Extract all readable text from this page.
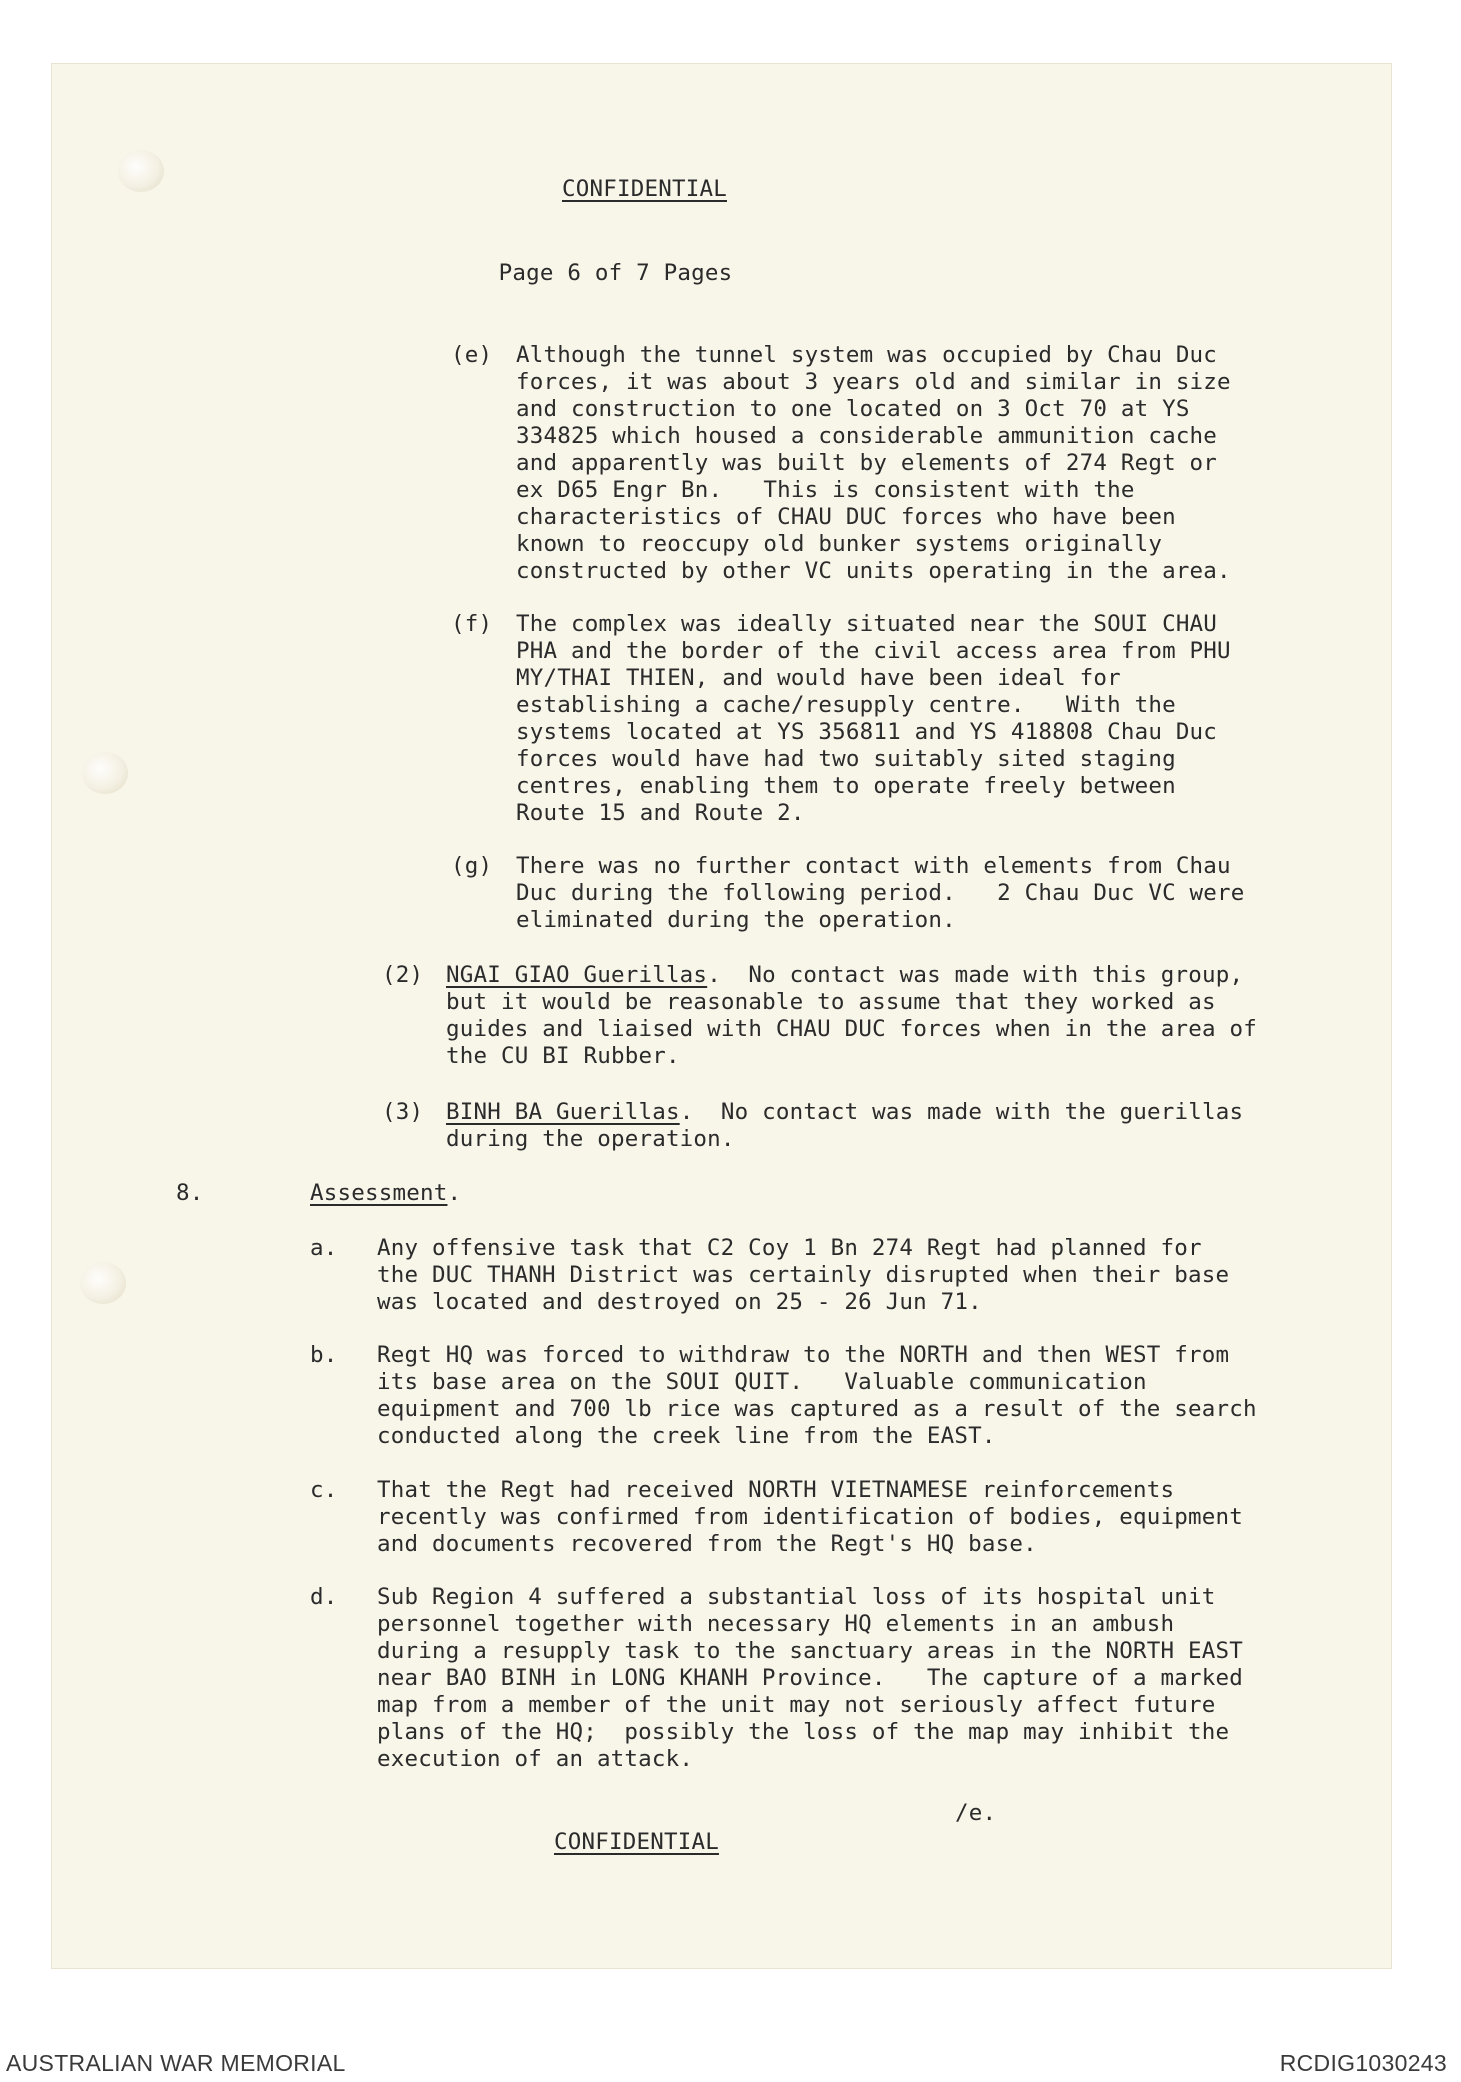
CONFIDENTIAL
Page 6 of 7 Pages
(e) Although the tunnel system was occupied by Chau Duc
forces, it was about 3 years old and similar in size
and construction to one located on 3 Oct 70 at YS
334825 which housed a considerable ammunition cache
and apparently was built by elements of 274 Regt or
ex D65 Engr Bn.   This is consistent with the
characteristics of CHAU DUC forces who have been
known to reoccupy old bunker systems originally
constructed by other VC units operating in the area.
(f) The complex was ideally situated near the SOUI CHAU
PHA and the border of the civil access area from PHU
MY/THAI THIEN, and would have been ideal for
establishing a cache/resupply centre.   With the
systems located at YS 356811 and YS 418808 Chau Duc
forces would have had two suitably sited staging
centres, enabling them to operate freely between
Route 15 and Route 2.
(g) There was no further contact with elements from Chau
Duc during the following period.   2 Chau Duc VC were
eliminated during the operation.
(2) NGAI GIAO Guerillas.  No contact was made with this group,
but it would be reasonable to assume that they worked as
guides and liaised with CHAU DUC forces when in the area of
the CU BI Rubber.
(3) BINH BA Guerillas.  No contact was made with the guerillas
during the operation.
8.	Assessment.
a. Any offensive task that C2 Coy 1 Bn 274 Regt had planned for
the DUC THANH District was certainly disrupted when their base
was located and destroyed on 25 - 26 Jun 71.
b. Regt HQ was forced to withdraw to the NORTH and then WEST from
its base area on the SOUI QUIT.   Valuable communication
equipment and 700 lb rice was captured as a result of the search
conducted along the creek line from the EAST.
c. That the Regt had received NORTH VIETNAMESE reinforcements
recently was confirmed from identification of bodies, equipment
and documents recovered from the Regt's HQ base.
d. Sub Region 4 suffered a substantial loss of its hospital unit
personnel together with necessary HQ elements in an ambush
during a resupply task to the sanctuary areas in the NORTH EAST
near BAO BINH in LONG KHANH Province.   The capture of a marked
map from a member of the unit may not seriously affect future
plans of the HQ;  possibly the loss of the map may inhibit the
execution of an attack.
/e.
CONFIDENTIAL
AUSTRALIAN WAR MEMORIAL	RCDIG1030243
